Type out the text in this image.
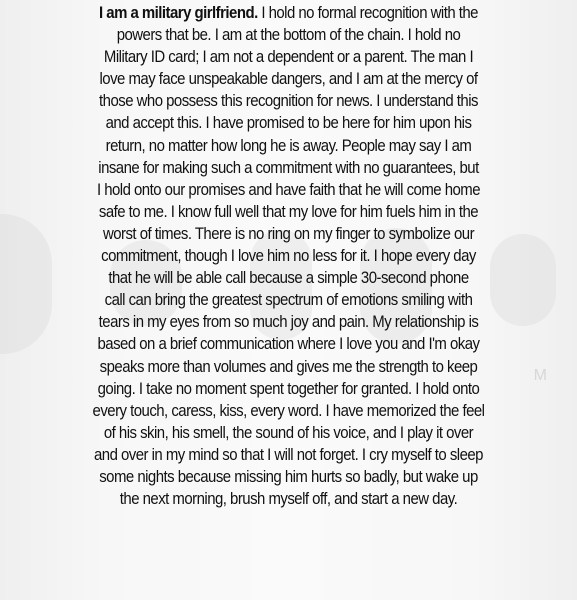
M
I am a military girlfriend. I hold no formal recognition with the
powers that be. I am at the bottom of the chain. I hold no
Military ID card; I am not a dependent or a parent. The man I
love may face unspeakable dangers, and I am at the mercy of
those who possess this recognition for news. I understand this
and accept this. I have promised to be here for him upon his
return, no matter how long he is away. People may say I am
insane for making such a commitment with no guarantees, but
I hold onto our promises and have faith that he will come home
safe to me. I know full well that my love for him fuels him in the
worst of times. There is no ring on my finger to symbolize our
commitment, though I love him no less for it. I hope every day
that he will be able call because a simple 30-second phone
call can bring the greatest spectrum of emotions smiling with
tears in my eyes from so much joy and pain. My relationship is
based on a brief communication where I love you and I'm okay
speaks more than volumes and gives me the strength to keep
going. I take no moment spent together for granted. I hold onto
every touch, caress, kiss, every word. I have memorized the feel
of his skin, his smell, the sound of his voice, and I play it over
and over in my mind so that I will not forget. I cry myself to sleep
some nights because missing him hurts so badly, but wake up
the next morning, brush myself off, and start a new day.
